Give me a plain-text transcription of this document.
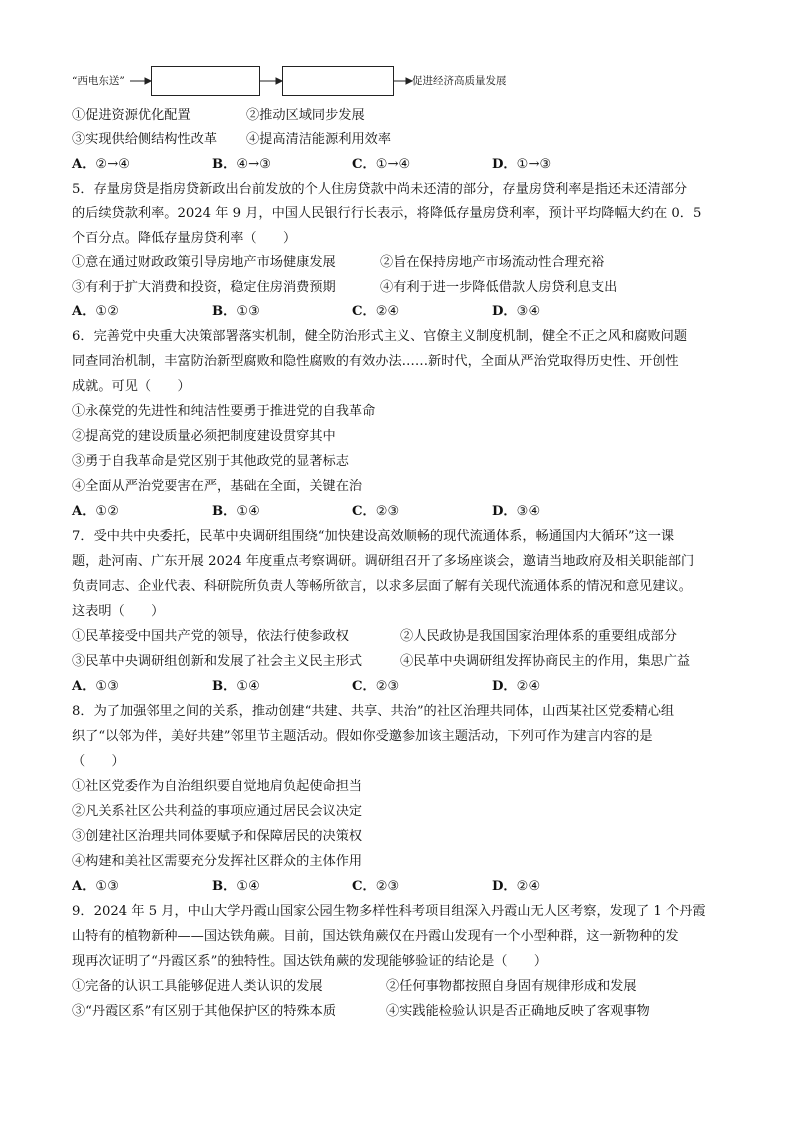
“西电东送”	促进经济高质量发展
①促进资源优化配置	②推动区域同步发展
③实现供给侧结构性改革 ④提高清洁能源利用效率
A．②→④	B．④→③	C．①→④	D．①→③
5．存量房贷是指房贷新政出台前发放的个人住房贷款中尚未还清的部分，存量房贷利率是指还未还清部分
的后续贷款利率。2024 年 9 月，中国人民银行行长表示，将降低存量房贷利率，预计平均降幅大约在 0．5
个百分点。降低存量房贷利率（　　）
①意在通过财政政策引导房地产市场健康发展	②旨在保持房地产市场流动性合理充裕
③有利于扩大消费和投资，稳定住房消费预期	④有利于进一步降低借款人房贷利息支出
A．①②	B．①③	C．②④	D．③④
6．完善党中央重大决策部署落实机制，健全防治形式主义、官僚主义制度机制，健全不正之风和腐败问题
同查同治机制，丰富防治新型腐败和隐性腐败的有效办法……新时代，全面从严治党取得历史性、开创性
成就。可见（　　）
①永葆党的先进性和纯洁性要勇于推进党的自我革命
②提高党的建设质量必须把制度建设贯穿其中
③勇于自我革命是党区别于其他政党的显著标志
④全面从严治党要害在严，基础在全面，关键在治
A．①②	B．①④	C．②③	D．③④
7．受中共中央委托，民革中央调研组围绕“加快建设高效顺畅的现代流通体系，畅通国内大循环”这一课
题，赴河南、广东开展 2024 年度重点考察调研。调研组召开了多场座谈会，邀请当地政府及相关职能部门
负责同志、企业代表、科研院所负责人等畅所欲言，以求多层面了解有关现代流通体系的情况和意见建议。
这表明（　　）
①民革接受中国共产党的领导，依法行使参政权	②人民政协是我国国家治理体系的重要组成部分
③民革中央调研组创新和发展了社会主义民主形式	④民革中央调研组发挥协商民主的作用，集思广益
A．①③	B．①④	C．②③	D．②④
8．为了加强邻里之间的关系，推动创建“共建、共享、共治”的社区治理共同体，山西某社区党委精心组
织了“以邻为伴，美好共建”邻里节主题活动。假如你受邀参加该主题活动，下列可作为建言内容的是
（　　）
①社区党委作为自治组织要自觉地肩负起使命担当
②凡关系社区公共利益的事项应通过居民会议决定
③创建社区治理共同体要赋予和保障居民的决策权
④构建和美社区需要充分发挥社区群众的主体作用
A．①③	B．①④	C．②③	D．②④
9．2024 年 5 月，中山大学丹霞山国家公园生物多样性科考项目组深入丹霞山无人区考察，发现了 1 个丹霞
山特有的植物新种——国达铁角蕨。目前，国达铁角蕨仅在丹霞山发现有一个小型种群，这一新物种的发
现再次证明了“丹霞区系”的独特性。国达铁角蕨的发现能够验证的结论是（　　）
①完备的认识工具能够促进人类认识的发展	②任何事物都按照自身固有规律形成和发展
③“丹霞区系”有区别于其他保护区的特殊本质	④实践能检验认识是否正确地反映了客观事物
